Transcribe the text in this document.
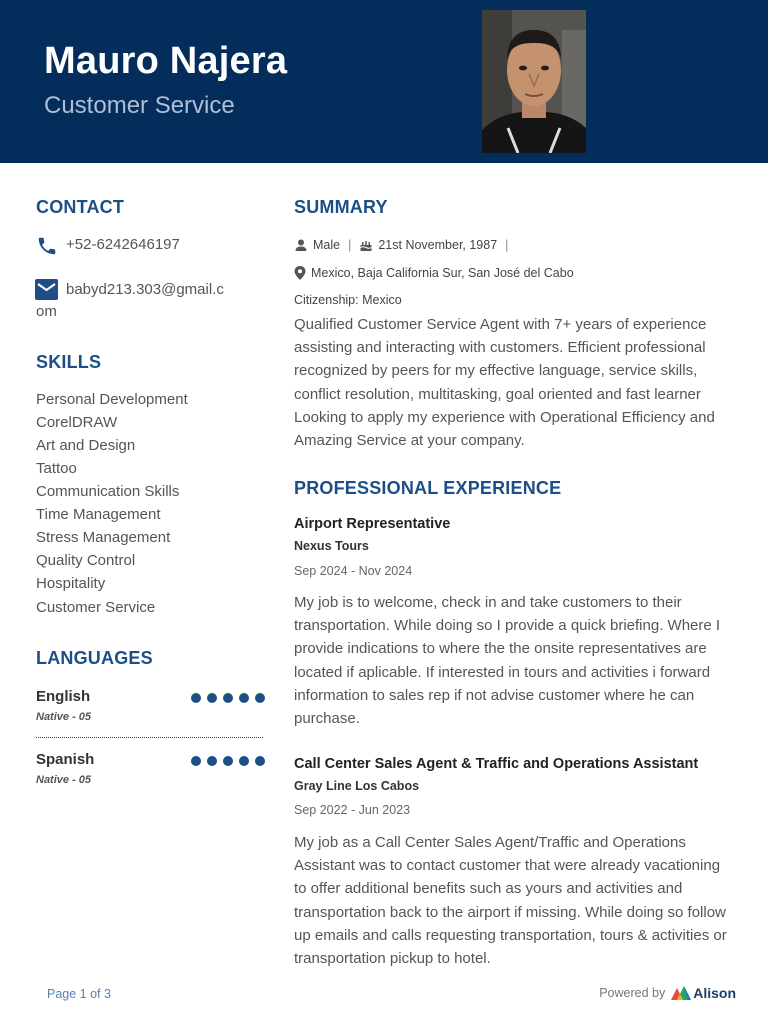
Mauro Najera
Customer Service
CONTACT
+52-6242646197
babyd213.303@gmail.c
om
SKILLS
Personal Development
CorelDRAW
Art and Design
Tattoo
Communication Skills
Time Management
Stress Management
Quality Control
Hospitality
Customer Service
LANGUAGES
English
Native - 05
Spanish
Native - 05
SUMMARY
Male | 21st November, 1987 |
Mexico, Baja California Sur, San José del Cabo
Citizenship: Mexico
Qualified Customer Service Agent with 7+ years of experience assisting and interacting with customers. Efficient professional recognized by peers for my effective language, service skills, conflict resolution, multitasking, goal oriented and fast learner Looking to apply my experience with Operational Efficiency and Amazing Service at your company.
PROFESSIONAL EXPERIENCE
Airport Representative
Nexus Tours
Sep 2024 - Nov 2024
My job is to welcome, check in and take customers to their transportation. While doing so I provide a quick briefing. Where I provide indications to where the the onsite representatives are located if aplicable. If interested in tours and activities i forward information to sales rep if not advise customer where he can purchase.
Call Center Sales Agent & Traffic and Operations Assistant
Gray Line Los Cabos
Sep 2022 - Jun 2023
My job as a Call Center Sales Agent/Traffic and Operations Assistant was to contact customer that were already vacationing to offer additional benefits such as yours and activities and transportation back to the airport if missing. While doing so follow up emails and calls requesting transportation, tours & activities or transportation pickup to hotel.
Page 1 of 3	Powered by Alison
